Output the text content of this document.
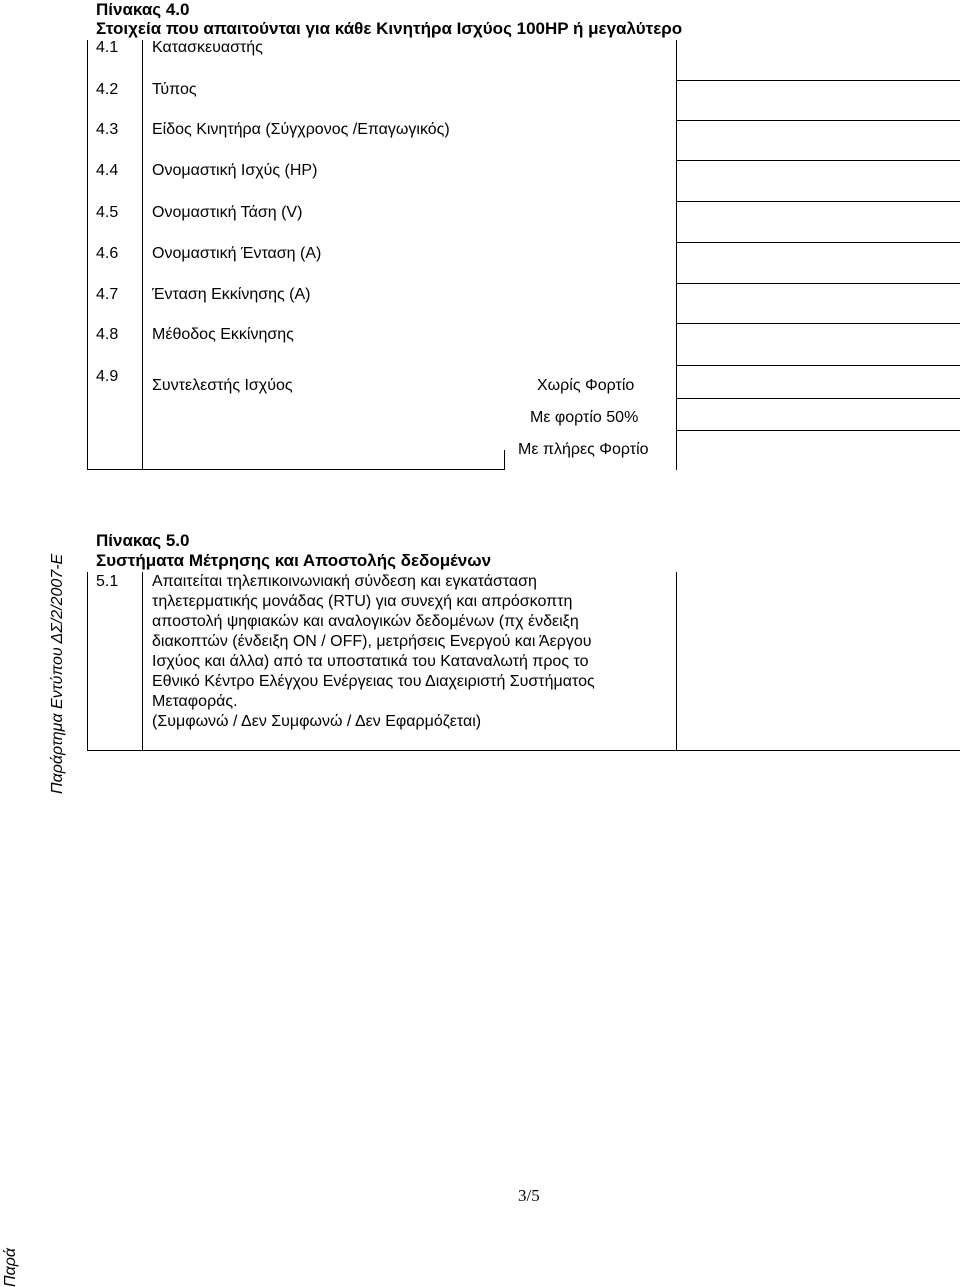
Πίνακας 4.0
Στοιχεία που απαιτούνται για κάθε Κινητήρα Ισχύος 100HP ή μεγαλύτερο
4.1 Κατασκευαστής
4.2 Τύπος
4.3 Είδος Κινητήρα (Σύγχρονος /Επαγωγικός)
4.4 Ονομαστική Ισχύς (HP)
4.5 Ονομαστική Τάση (V)
4.6 Ονομαστική Ένταση (A)
4.7 Ένταση Εκκίνησης (A)
4.8 Μέθοδος Εκκίνησης
4.9
Συντελεστής Ισχύος	Χωρίς Φορτίο
Με φορτίο 50%
Με πλήρες Φορτίο
Παράρτημα Εντύπου ΔΣ/2/2007-Ε
Πίνακας 5.0
Συστήματα Μέτρησης και Αποστολής δεδομένων
5.1 Απαιτείται τηλεπικοινωνιακή σύνδεση και εγκατάσταση
τηλετερματικής μονάδας (RTU) για συνεχή και απρόσκοπτη
αποστολή ψηφιακών και αναλογικών δεδομένων (πχ ένδειξη
διακοπτών (ένδειξη ON / OFF), μετρήσεις Ενεργού και Άεργου
Ισχύος και άλλα) από τα υποστατικά του Καταναλωτή προς το
Εθνικό Κέντρο Ελέγχου Ενέργειας του Διαχειριστή Συστήματος
Μεταφοράς.
(Συμφωνώ / Δεν Συμφωνώ / Δεν Εφαρμόζεται)
3/5
Παρά
